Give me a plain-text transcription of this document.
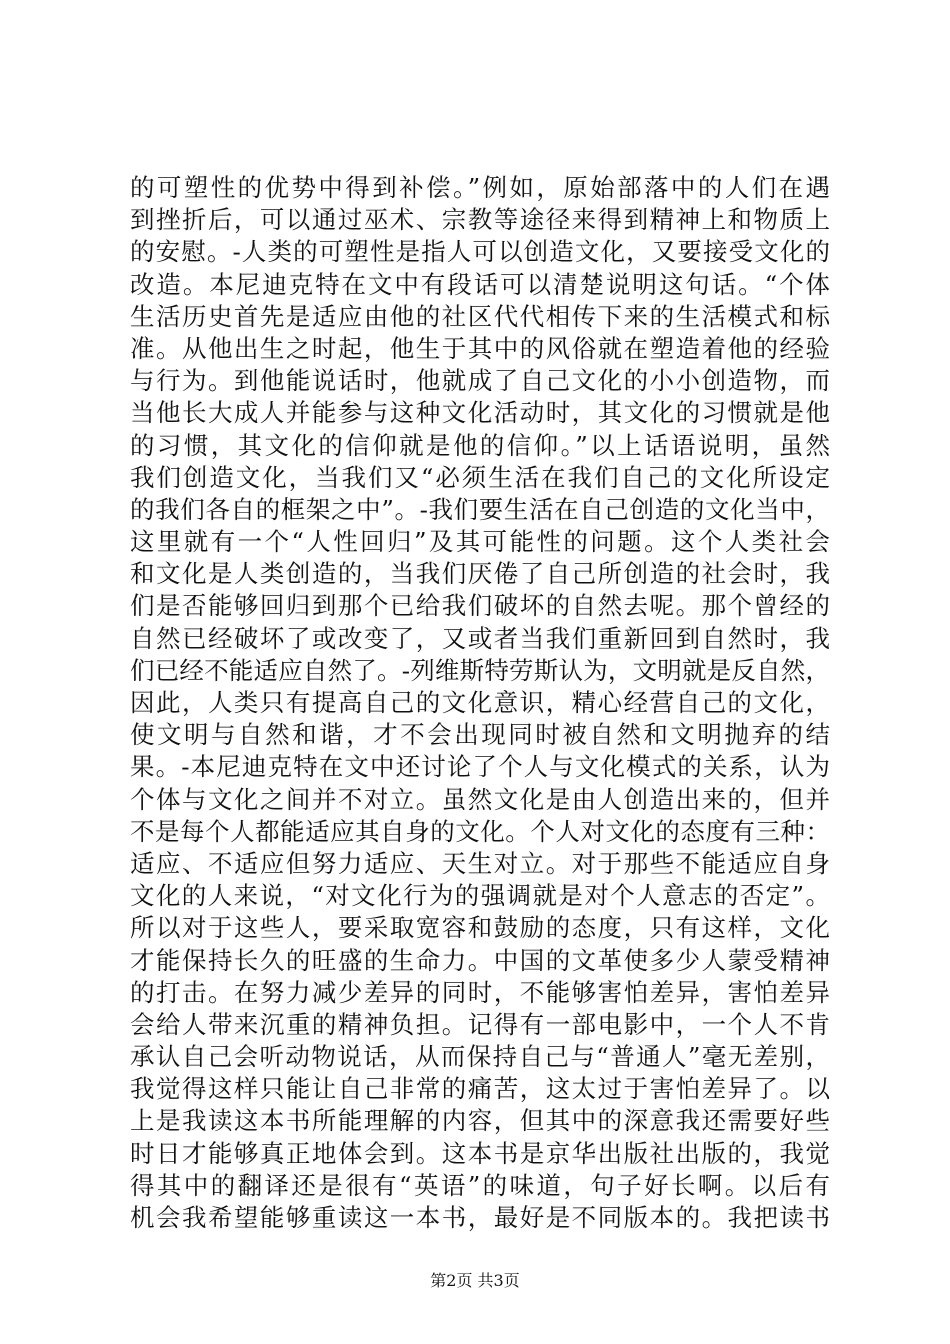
的可塑性的优势中得到补偿。”例如，原始部落中的人们在遇
到挫折后，可以通过巫术、宗教等途径来得到精神上和物质上
的安慰。-人类的可塑性是指人可以创造文化，又要接受文化的
改造。本尼迪克特在文中有段话可以清楚说明这句话。“个体
生活历史首先是适应由他的社区代代相传下来的生活模式和标
准。从他出生之时起，他生于其中的风俗就在塑造着他的经验
与行为。到他能说话时，他就成了自己文化的小小创造物，而
当他长大成人并能参与这种文化活动时，其文化的习惯就是他
的习惯，其文化的信仰就是他的信仰。”以上话语说明，虽然
我们创造文化，当我们又“必须生活在我们自己的文化所设定
的我们各自的框架之中”。-我们要生活在自己创造的文化当中，
这里就有一个“人性回归”及其可能性的问题。这个人类社会
和文化是人类创造的，当我们厌倦了自己所创造的社会时，我
们是否能够回归到那个已给我们破坏的自然去呢。那个曾经的
自然已经破坏了或改变了，又或者当我们重新回到自然时，我
们已经不能适应自然了。-列维斯特劳斯认为，文明就是反自然，
因此，人类只有提高自己的文化意识，精心经营自己的文化，
使文明与自然和谐，才不会出现同时被自然和文明抛弃的结
果。-本尼迪克特在文中还讨论了个人与文化模式的关系，认为
个体与文化之间并不对立。虽然文化是由人创造出来的，但并
不是每个人都能适应其自身的文化。个人对文化的态度有三种：
适应、不适应但努力适应、天生对立。对于那些不能适应自身
文化的人来说，“对文化行为的强调就是对个人意志的否定”。
所以对于这些人，要采取宽容和鼓励的态度，只有这样，文化
才能保持长久的旺盛的生命力。中国的文革使多少人蒙受精神
的打击。在努力减少差异的同时，不能够害怕差异，害怕差异
会给人带来沉重的精神负担。记得有一部电影中，一个人不肯
承认自己会听动物说话，从而保持自己与“普通人”毫无差别，
我觉得这样只能让自己非常的痛苦，这太过于害怕差异了。以
上是我读这本书所能理解的内容，但其中的深意我还需要好些
时日才能够真正地体会到。这本书是京华出版社出版的，我觉
得其中的翻译还是很有“英语”的味道，句子好长啊。以后有
机会我希望能够重读这一本书，最好是不同版本的。我把读书
第2页 共3页
